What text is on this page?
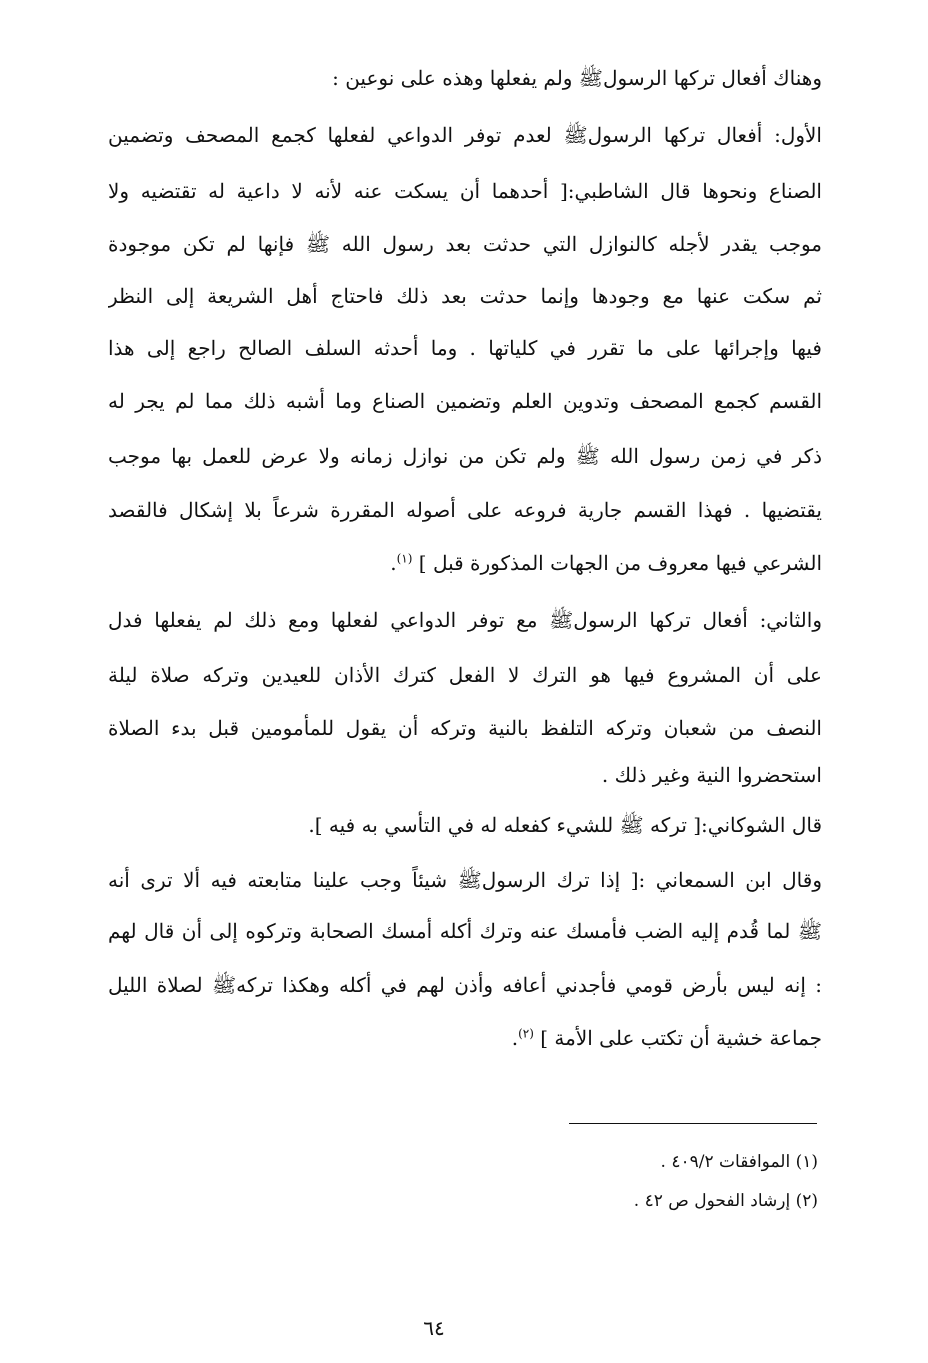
وهناك أفعال تركها الرسولﷺ ولم يفعلها وهذه على نوعين :
الأول: أفعال تركها الرسولﷺ لعدم توفر الدواعي لفعلها كجمع المصحف وتضمين
الصناع ونحوها قال الشاطبي:[ أحدهما أن يسكت عنه لأنه لا داعية له تقتضيه ولا
موجب يقدر لأجله كالنوازل التي حدثت بعد رسول الله ﷺ فإنها لم تكن موجودة
ثم سكت عنها مع وجودها وإنما حدثت بعد ذلك فاحتاج أهل الشريعة إلى النظر
فيها وإجرائها على ما تقرر في كلياتها . وما أحدثه السلف الصالح راجع إلى هذا
القسم كجمع المصحف وتدوين العلم وتضمين الصناع وما أشبه ذلك مما لم يجر له
ذكر في زمن رسول الله ﷺ ولم تكن من نوازل زمانه ولا عرض للعمل بها موجب
يقتضيها . فهذا القسم جارية فروعه على أصوله المقررة شرعاً بلا إشكال فالقصد
الشرعي فيها معروف من الجهات المذكورة قبل ] $^{(١)}$.
والثاني: أفعال تركها الرسولﷺ مع توفر الدواعي لفعلها ومع ذلك لم يفعلها فدل
على أن المشروع فيها هو الترك لا الفعل كترك الأذان للعيدين وتركه صلاة ليلة
النصف من شعبان وتركه التلفظ بالنية وتركه أن يقول للمأمومين قبل بدء الصلاة
استحضروا النية وغير ذلك .
قال الشوكاني:[ تركه ﷺ للشيء كفعله له في التأسي به فيه ].
وقال ابن السمعاني :[ إذا ترك الرسولﷺ شيئاً وجب علينا متابعته فيه ألا ترى أنه
ﷺ لما قُدم إليه الضب فأمسك عنه وترك أكله أمسك الصحابة وتركوه إلى أن قال لهم
: إنه ليس بأرض قومي فأجدني أعافه وأذن لهم في أكله وهكذا تركهﷺ لصلاة الليل
جماعة خشية أن تكتب على الأمة ] $^{(٢)}$.
(١) الموافقات ٤٠٩/٢ .
(٢) إرشاد الفحول ص ٤٢ .
٦٤
